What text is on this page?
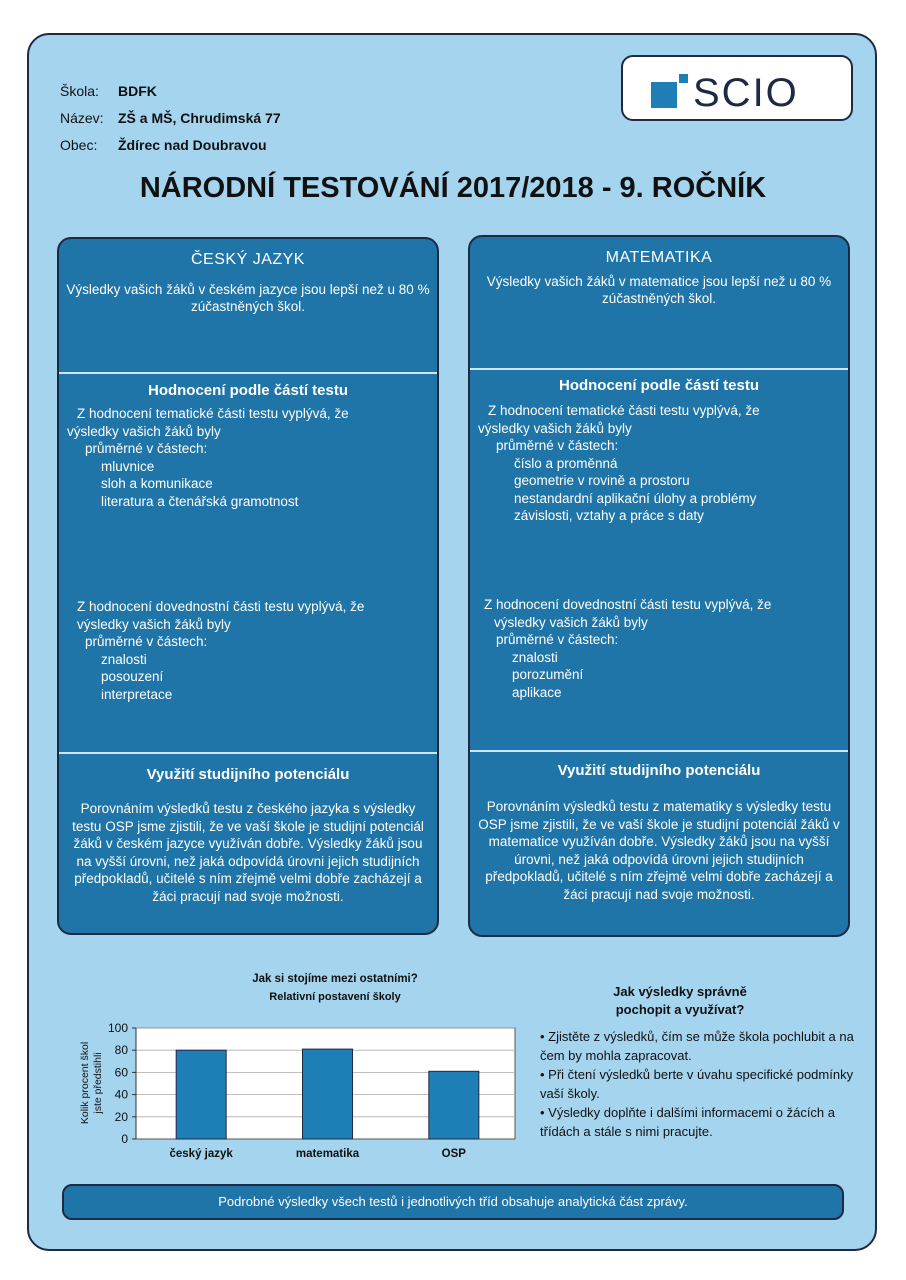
Škola: BDFK
Název: ZŠ a MŠ, Chrudimská 77
Obec: Ždírec nad Doubravou
SCIO
NÁRODNÍ TESTOVÁNÍ 2017/2018 - 9. ROČNÍK
ČESKÝ JAZYK
Výsledky vašich žáků v českém jazyce jsou lepší než u 80 % zúčastněných škol.
Hodnocení podle částí testu
Z hodnocení tematické části testu vyplývá, že
výsledky vašich žáků byly
průměrné v částech:
mluvnice
sloh a komunikace
literatura a čtenářská gramotnost
Z hodnocení dovednostní části testu vyplývá, že
výsledky vašich žáků byly
průměrné v částech:
znalosti
posouzení
interpretace
Využití studijního potenciálu
Porovnáním výsledků testu z českého jazyka s výsledky testu OSP jsme zjistili, že ve vaší škole je studijní potenciál žáků v českém jazyce využíván dobře. Výsledky žáků jsou na vyšší úrovni, než jaká odpovídá úrovni jejich studijních předpokladů, učitelé s ním zřejmě velmi dobře zacházejí a žáci pracují nad svoje možnosti.
MATEMATIKA
Výsledky vašich žáků v matematice jsou lepší než u 80 % zúčastněných škol.
Hodnocení podle částí testu
Z hodnocení tematické části testu vyplývá, že
výsledky vašich žáků byly
průměrné v částech:
číslo a proměnná
geometrie v rovině a prostoru
nestandardní aplikační úlohy a problémy
závislosti, vztahy a práce s daty
Z hodnocení dovednostní části testu vyplývá, že
výsledky vašich žáků byly
průměrné v částech:
znalosti
porozumění
aplikace
Využití studijního potenciálu
Porovnáním výsledků testu z matematiky s výsledky testu OSP jsme zjistili, že ve vaší škole je studijní potenciál žáků v matematice využíván dobře. Výsledky žáků jsou na vyšší úrovni, než jaká odpovídá úrovni jejich studijních předpokladů, učitelé s ním zřejmě velmi dobře zacházejí a žáci pracují nad svoje možnosti.
Jak si stojíme mezi ostatními?
Relativní postavení školy
0
20
40
60
80
100
český jazyk	matematika	OSP
Kolik procent škol jste předstihli
Jak výsledky správně
pochopit a využívat?
• Zjistěte z výsledků, čím se může škola pochlubit a na čem by mohla zapracovat.
• Při čtení výsledků berte v úvahu specifické podmínky vaší školy.
• Výsledky doplňte i dalšími informacemi o žácích a třídách a stále s nimi pracujte.
Podrobné výsledky všech testů i jednotlivých tříd obsahuje analytická část zprávy.
